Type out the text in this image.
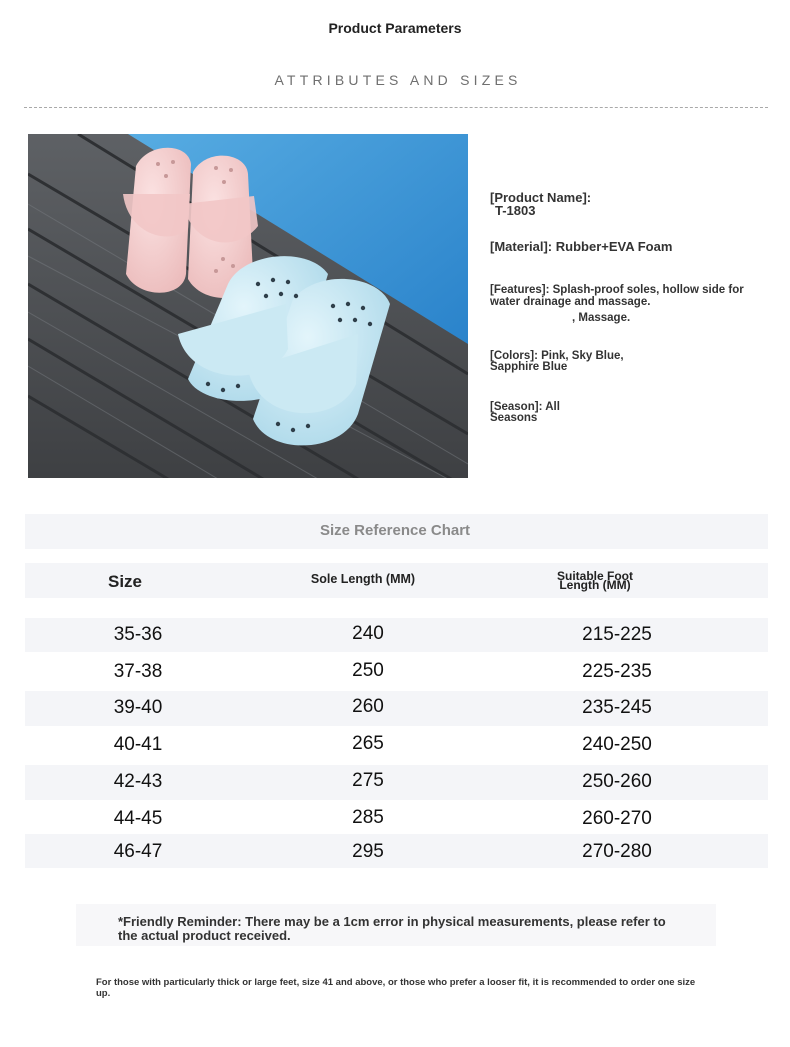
Product Parameters
ATTRIBUTES AND SIZES
[Product Name]:
T-1803
[Material]: Rubber+EVA Foam
[Features]: Splash-proof soles, hollow side for water drainage and massage.
, Massage.
[Colors]: Pink, Sky Blue, Sapphire Blue
[Season]: All Seasons
Size Reference Chart
Size	Sole Length (MM)	Suitable Foot Length (MM)
35-36	240	215-225
37-38	250	225-235
39-40	260	235-245
40-41	265	240-250
42-43	275	250-260
44-45	285	260-270
46-47	295	270-280
*Friendly Reminder: There may be a 1cm error in physical measurements, please refer to the actual product received.
For those with particularly thick or large feet, size 41 and above, or those who prefer a looser fit, it is recommended to order one size up.
